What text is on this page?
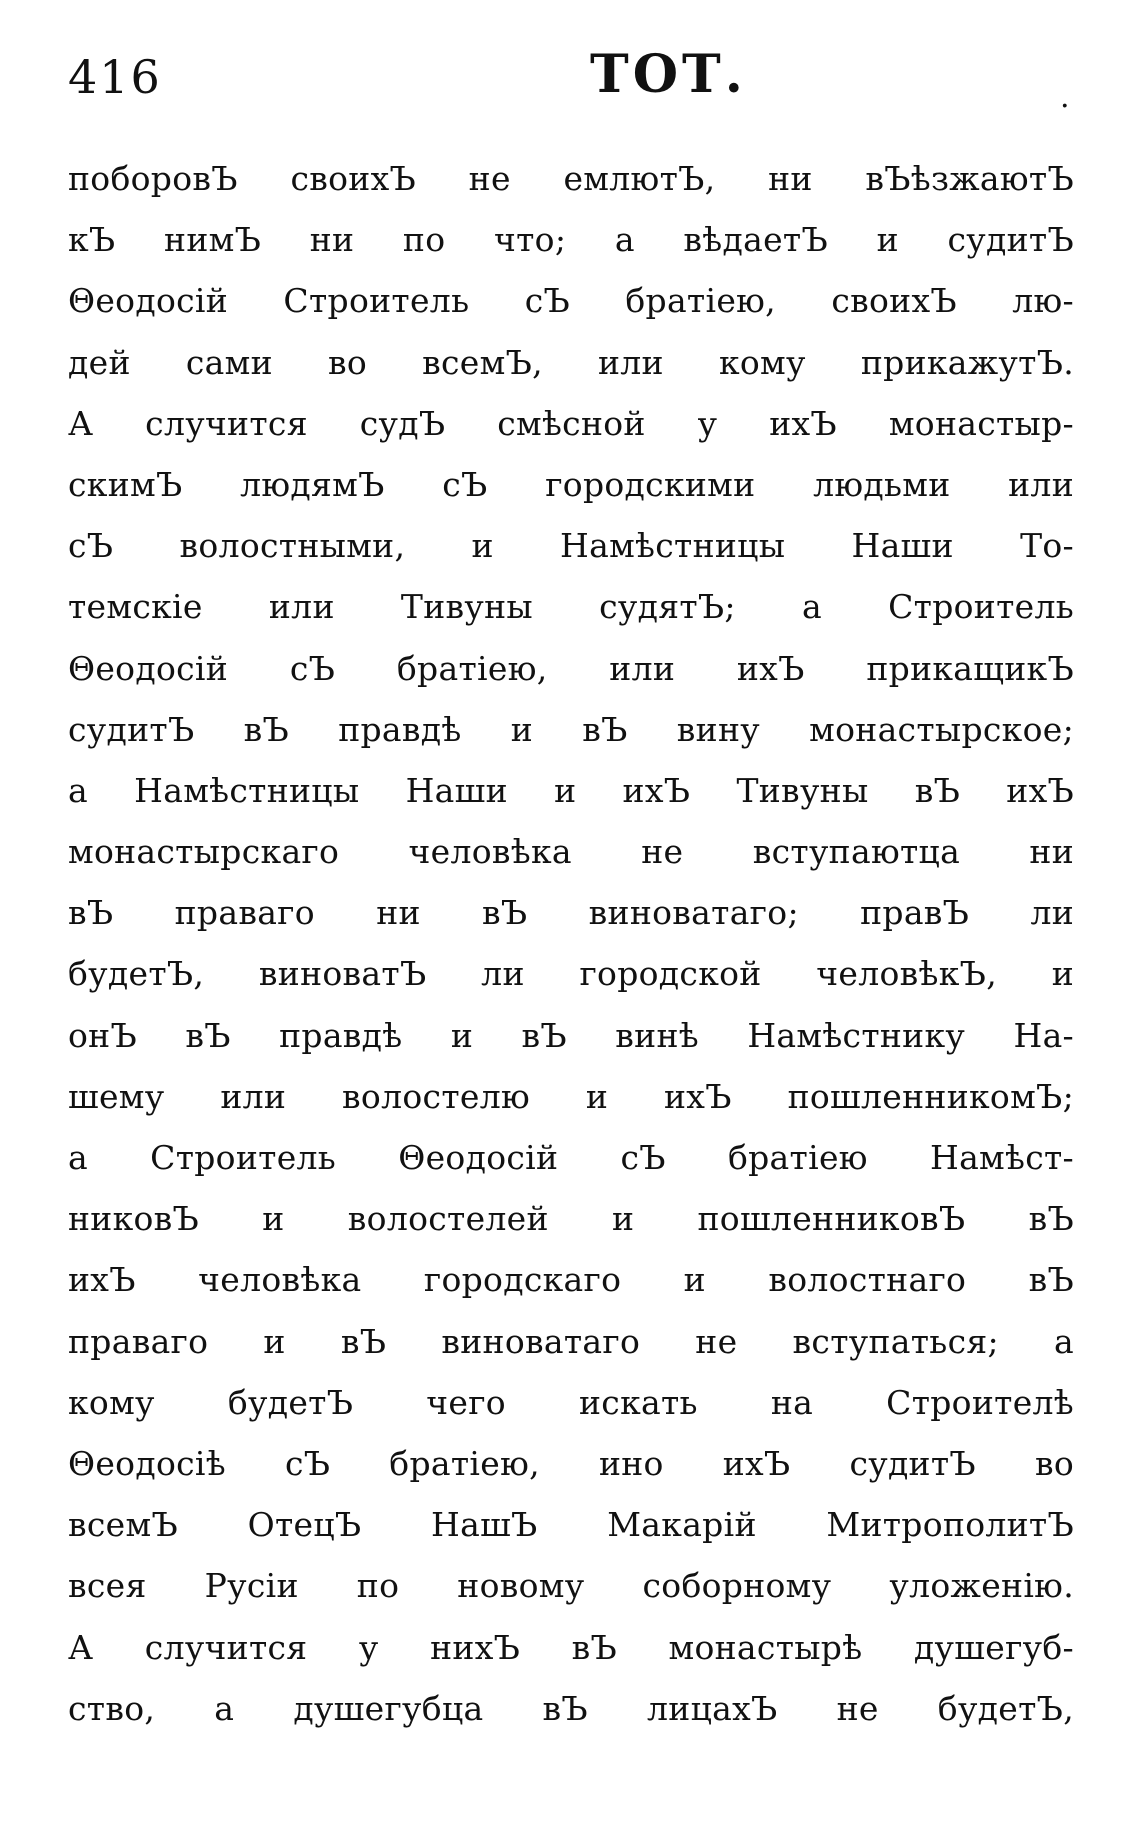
416	ТОТ.	.
поборовЪ своихЪ не емлютЪ, ни вЪѣзжаютЪ
кЪ нимЪ ни по что; а вѣдаетЪ и судитЪ
Θеодосій Строитель сЪ братіею, своихЪ лю-
дей сами во всемЪ, или кому прикажутЪ.
А случится судЪ смѣсной у ихЪ монастыр-
скимЪ людямЪ сЪ городскими людьми или
сЪ волостными, и Намѣстницы Наши То-
темскіе или Тивуны судятЪ; а Строитель
Θеодосій сЪ братіею, или ихЪ прикащикЪ
судитЪ вЪ правдѣ и вЪ вину монастырское;
а Намѣстницы Наши и ихЪ Тивуны вЪ ихЪ
монастырскаго человѣка не вступаютца ни
вЪ праваго ни вЪ виноватаго; правЪ ли
будетЪ, виноватЪ ли городской человѣкЪ, и
онЪ вЪ правдѣ и вЪ винѣ Намѣстнику На-
шему или волостелю и ихЪ пошленникомЪ;
а Строитель Θеодосій сЪ братіею Намѣст-
никовЪ и волостелей и пошленниковЪ вЪ
ихЪ человѣка городскаго и волостнаго вЪ
праваго и вЪ виноватаго не вступаться; а
кому будетЪ чего искать на Строителѣ
Θеодосіѣ сЪ братіею, ино ихЪ судитЪ во
всемЪ ОтецЪ НашЪ Макарій МитрополитЪ
всея Русіи по новому соборному уложенію.
А случится у нихЪ вЪ монастырѣ душегуб-
ство, а душегубца вЪ лицахЪ не будетЪ,
